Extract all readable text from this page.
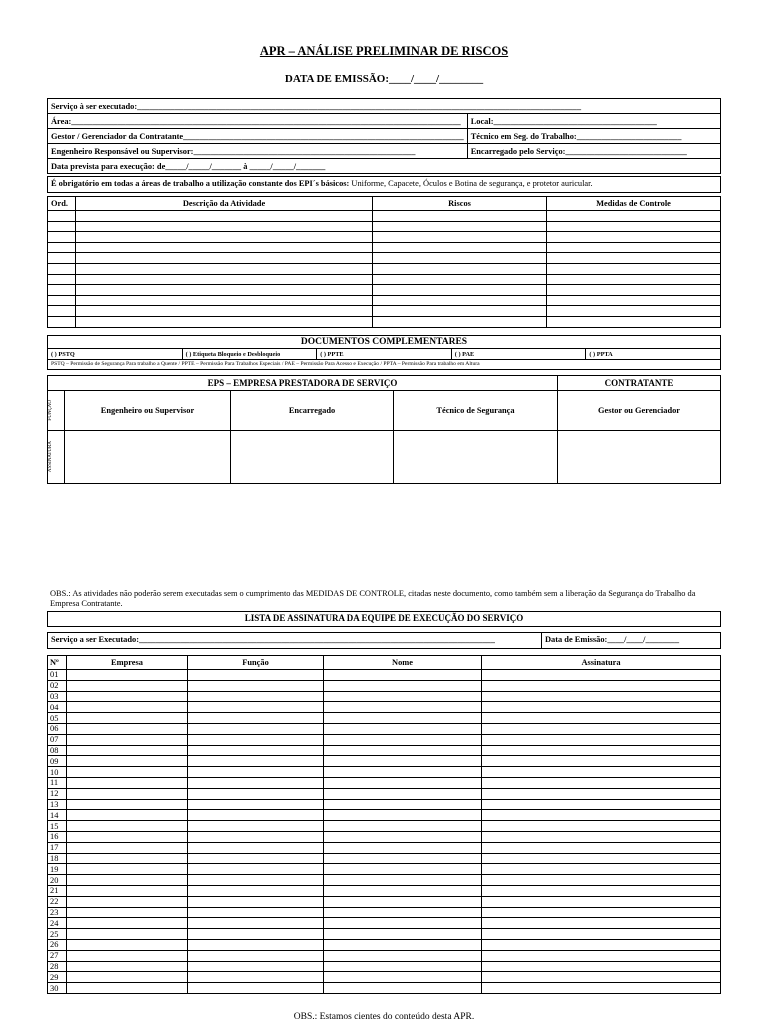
APR – ANÁLISE PRELIMINAR DE RISCOS
DATA DE EMISSÃO:____/____/________
Serviço à ser executado:__________________________________________________________________________________________________________	
Área:_____________________________________________________________________________________________	Local:_______________________________________
Gestor / Gerenciador da Contratante___________________________________________________________________	Técnico em Seg. do Trabalho:_________________________
Engenheiro Responsável ou Supervisor:_____________________________________________________	Encarregado pelo Serviço:_____________________________
Data prevista para execução: de_____/_____/_______ à _____/_____/_______	
É obrigatório em todas a áreas de trabalho a utilização constante dos EPI´s básicos: Uniforme, Capacete, Óculos e Botina de segurança, e protetor auricular.
Ord.	Descrição da Atividade	Riscos	Medidas de Controle

DOCUMENTOS COMPLEMENTARES
( ) PSTQ	( ) Etiqueta Bloqueio e Desbloqueio	( ) PPTE	( ) PAE	( ) PPTA
PSTQ – Permissão de Segurança Para trabalho a Quente / PPTE – Permissão Para Trabalhos Especiais / PAE – Permissão Para Acesso e Execução / PPTA – Permissão Para trabalho em Altura
EPS – EMPRESA PRESTADORA DE SERVIÇO				CONTRATANTE

FUNÇÃO	Engenheiro ou Supervisor	Encarregado	Técnico de Segurança	Gestor ou Gerenciador

ASSINATURA				

OBS.: As atividades não poderão serem executadas sem o cumprimento das MEDIDAS DE CONTROLE, citadas neste documento, como também sem a liberação da Segurança do Trabalho da Empresa Contratante.
LISTA DE ASSINATURA DA EQUIPE DE EXECUÇÃO DO SERVIÇO
Serviço a ser Executado:_____________________________________________________________________________________	Data de Emissão:____/____/________
Nº	Empresa	Função	Nome	Assinatura
01				
02				
03				
04				
05				
06				
07				
08				
09				
10				
11				
12				
13				
14				
15				
16				
17				
18				
19				
20				
21				
22				
23				
24				
25				
26				
27				
28				
29				
30				
OBS.: Estamos cientes do conteúdo desta APR.
